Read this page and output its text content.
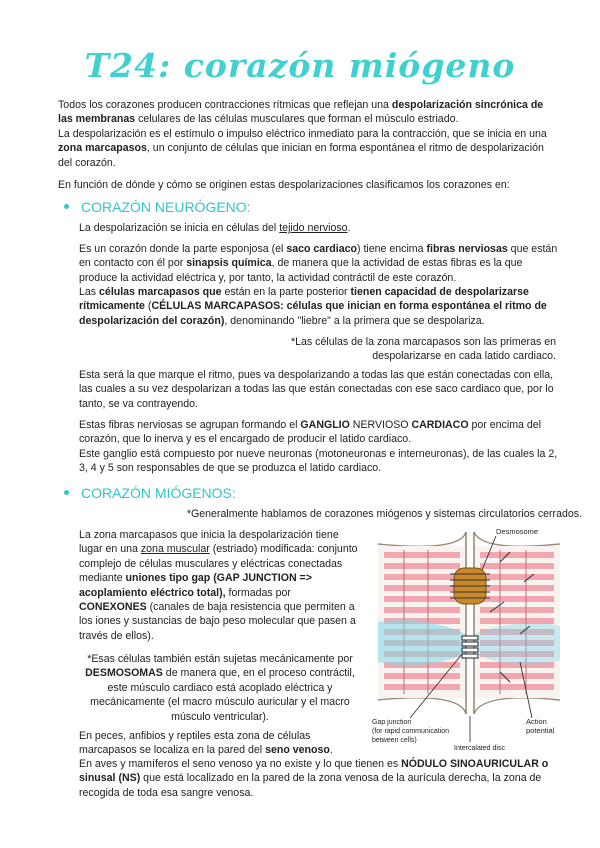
T24: corazón miógeno

Todos los corazones producen contracciones rítmicas que reflejan una despolarización sincrónica de las membranas celulares de las células musculares que forman el músculo estriado.

La despolarización es el estímulo o impulso eléctrico inmediato para la contracción, que se inicia en una zona marcapasos, un conjunto de células que inician en forma espontánea el ritmo de despolarización del corazón.

En función de dónde y cómo se originen estas despolarizaciones clasificamos los corazones en:

CORAZÓN NEURÓGENO:

La despolarización se inicia en células del tejido nervioso.

Es un corazón donde la parte esponjosa (el saco cardiaco) tiene encima fibras nerviosas que están en contacto con él por sinapsis química, de manera que la actividad de estas fibras es la que produce la actividad eléctrica y, por tanto, la actividad contráctil de este corazón.

Las células marcapasos que están en la parte posterior tienen capacidad de despolarizarse rítmicamente (CÉLULAS MARCAPASOS: células que inician en forma espontánea el ritmo de despolarización del corazón), denominando "liebre" a la primera que se despolariza.

*Las células de la zona marcapasos son las primeras en despolarizarse en cada latido cardiaco.

Esta será la que marque el ritmo, pues va despolarizando a todas las que están conectadas con ella, las cuales a su vez despolarizan a todas las que están conectadas con ese saco cardiaco que, por lo tanto, se va contrayendo.

Estas fibras nerviosas se agrupan formando el GANGLIO NERVIOSO CARDIACO por encima del corazón, que lo inerva y es el encargado de producir el latido cardiaco.

Este ganglio está compuesto por nueve neuronas (motoneuronas e interneuronas), de las cuales la 2, 3, 4 y 5 son responsables de que se produzca el latido cardiaco.

CORAZÓN MIÓGENOS:

*Generalmente hablamos de corazones miógenos y sistemas circulatorios cerrados.

La zona marcapasos que inicia la despolarización tiene lugar en una zona muscular (estriado) modificada: conjunto complejo de células musculares y eléctricas conectadas mediante uniones tipo gap (GAP JUNCTION => acoplamiento eléctrico total), formadas por CONEXONES (canales de baja resistencia que permiten a los iones y sustancias de bajo peso molecular que pasen a través de ellos).

*Esas células también están sujetas mecánicamente por DESMOSOMAS de manera que, en el proceso contráctil, este músculo cardiaco está acoplado eléctrica y mecánicamente (el macro músculo auricular y el macro músculo ventricular).

En peces, anfibios y reptiles esta zona de células marcapasos se localiza en la pared del seno venoso.

En aves y mamíferos el seno venoso ya no existe y lo que tienen es NÓDULO SINOAURICULAR o sinusal (NS) que está localizado en la pared de la zona venosa de la aurícula derecha, la zona de recogida de toda esa sangre venosa.

Desmosome
Gap junction
(for rapid communication
between cells)
Action
potential
Intercalated disc
